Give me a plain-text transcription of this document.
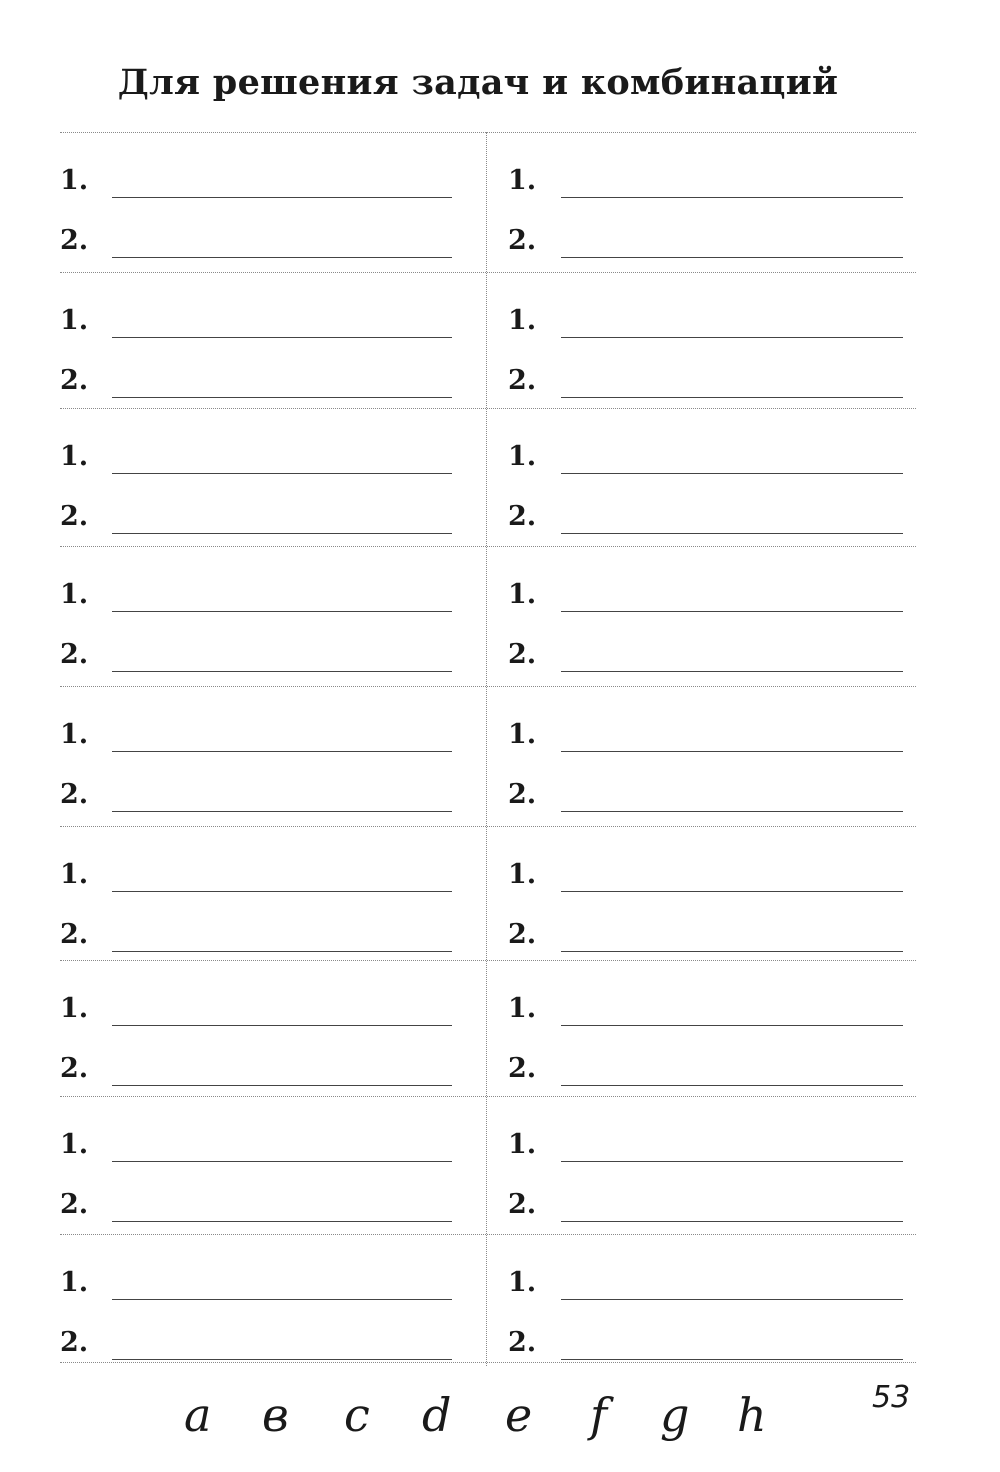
Для решения задач и комбинаций
1.
2.
1.
2.
1.
2.
1.
2.
1.
2.
1.
2.
1.
2.
1.
2.
1.
2.
1.
2.
1.
2.
1.
2.
1.
2.
1.
2.
1.
2.
1.
2.
1.
2.
1.
2.
a в c d e f g h	53
